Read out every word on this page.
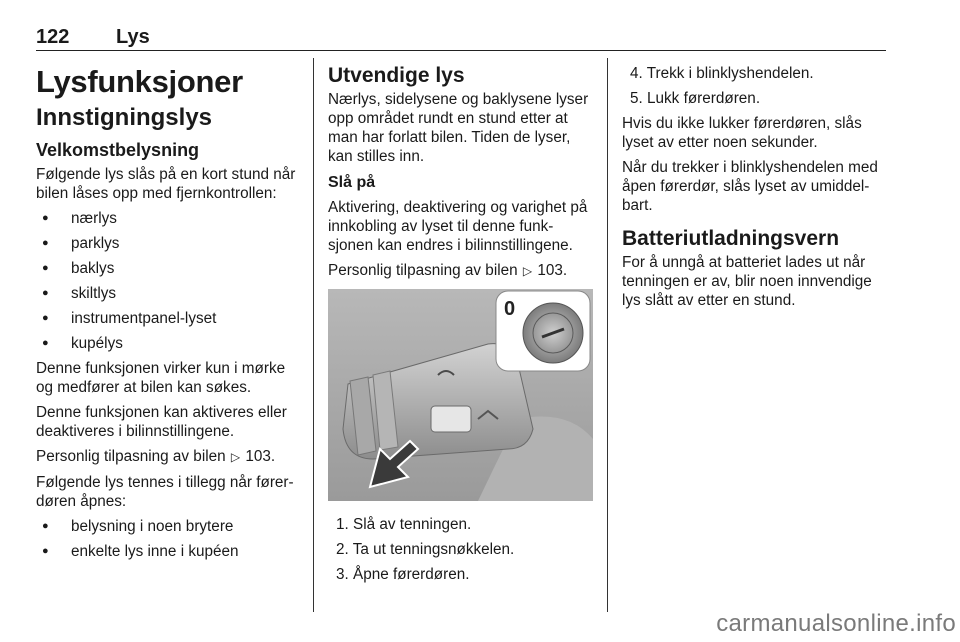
122 Lys
Lysfunksjoner
Innstigningslys
Velkomstbelysning

Følgende lys slås på en kort stund når bilen låses opp med fjernkontrollen:

● nærlys
● parklys
● baklys
● skiltlys
● instrumentpanel-lyset
● kupélys

Denne funksjonen virker kun i mørke og medfører at bilen kan søkes.

Denne funksjonen kan aktiveres eller deaktiveres i bilinnstillingene.

Personlig tilpasning av bilen ▷ 103.

Følgende lys tennes i tillegg når fører-døren åpnes:

● belysning i noen brytere
● enkelte lys inne i kupéen
Utvendige lys

Nærlys, sidelysene og baklysene lyser opp området rundt en stund etter at man har forlatt bilen. Tiden de lyser, kan stilles inn.

Slå på

Aktivering, deaktivering og varighet på innkobling av lyset til denne funk-sjonen kan endres i bilinnstillingene.

Personlig tilpasning av bilen ▷ 103.

0
1. Slå av tenningen.
2. Ta ut tenningsnøkkelen.
3. Åpne førerdøren.
4. Trekk i blinklyshendelen.
5. Lukk førerdøren.

Hvis du ikke lukker førerdøren, slås lyset av etter noen sekunder.

Når du trekker i blinklyshendelen med åpen førerdør, slås lyset av umiddel-bart.

Batteriutladningsvern

For å unngå at batteriet lades ut når tenningen er av, blir noen innvendige lys slått av etter en stund.

carmanualsonline.info
